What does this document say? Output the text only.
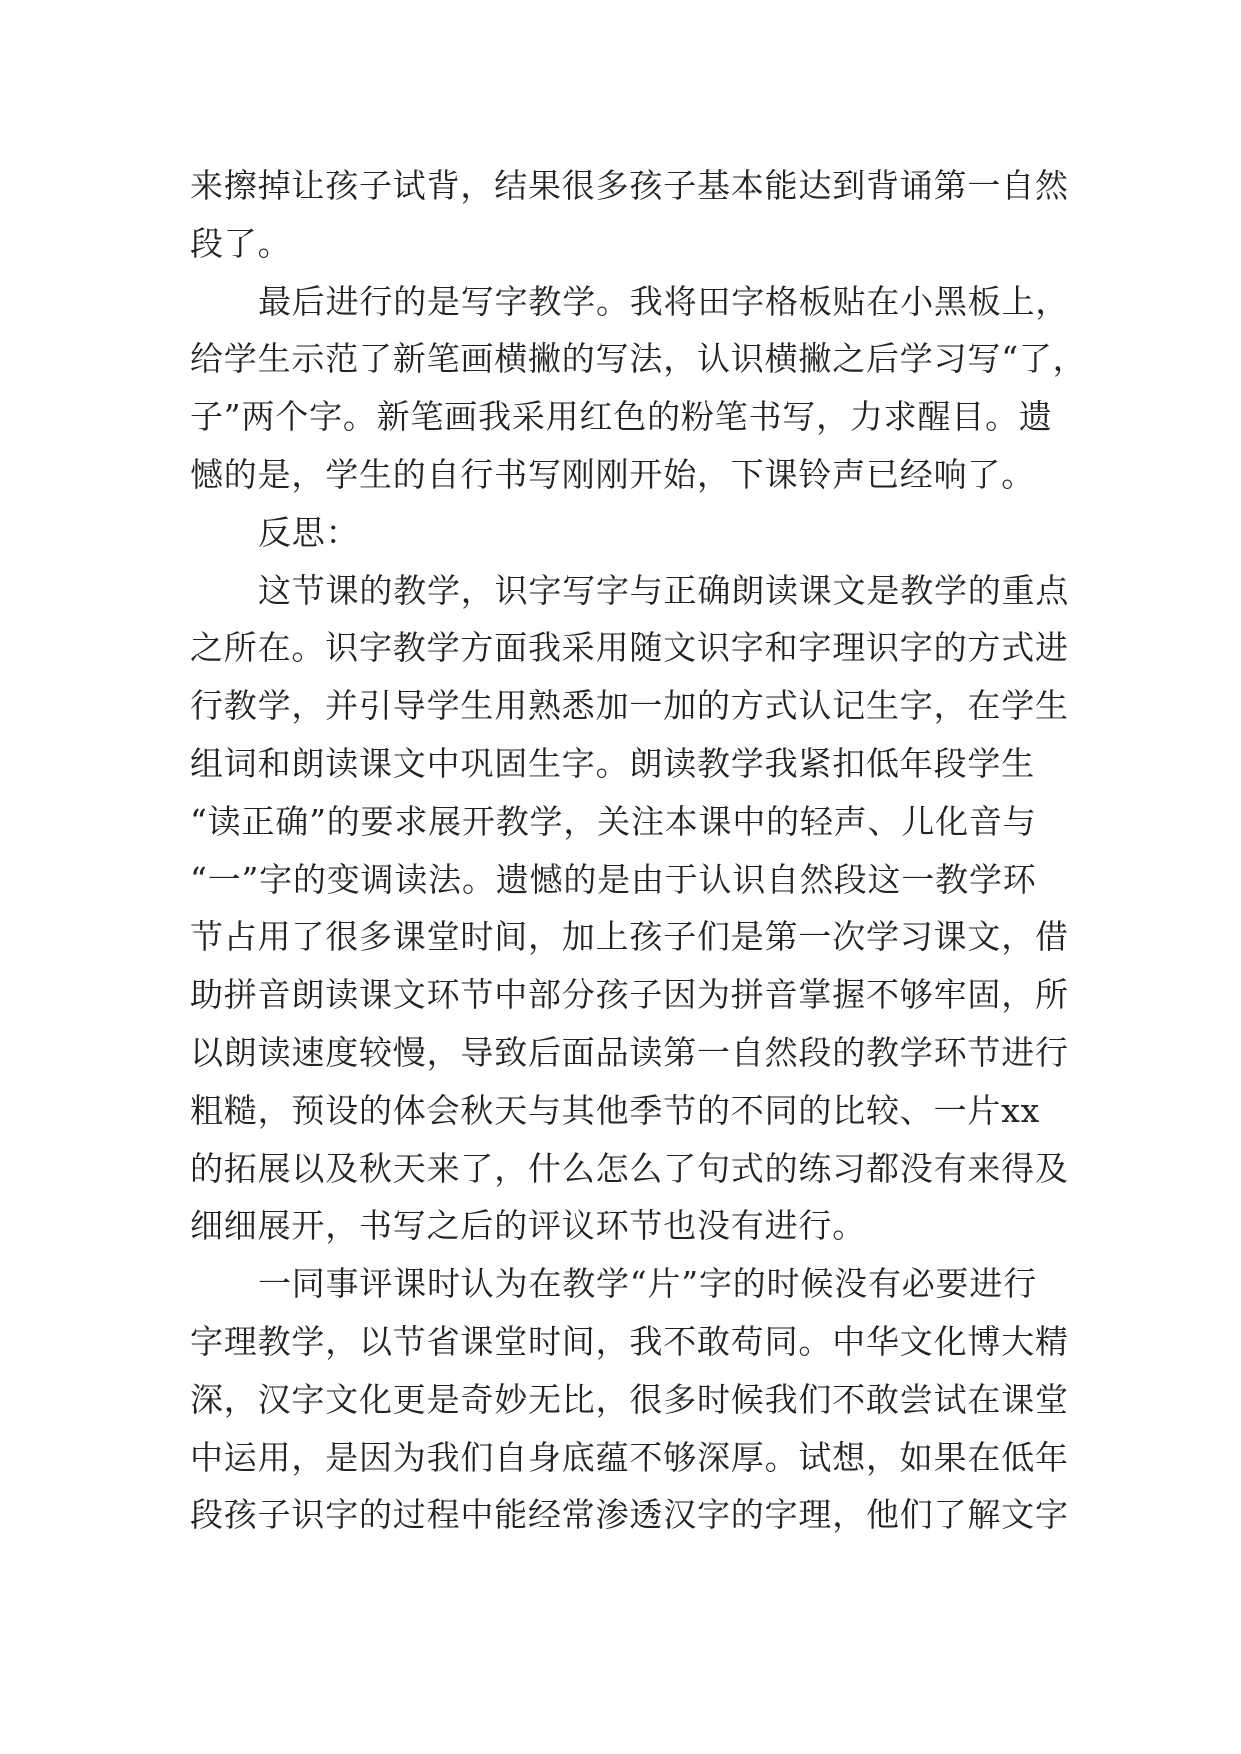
来擦掉让孩子试背，结果很多孩子基本能达到背诵第一自然
段了。
最后进行的是写字教学。我将田字格板贴在小黑板上，
给学生示范了新笔画横撇的写法，认识横撇之后学习写“了，
子”两个字。新笔画我采用红色的粉笔书写，力求醒目。遗
憾的是，学生的自行书写刚刚开始，下课铃声已经响了。
反思：
这节课的教学，识字写字与正确朗读课文是教学的重点
之所在。识字教学方面我采用随文识字和字理识字的方式进
行教学，并引导学生用熟悉加一加的方式认记生字，在学生
组词和朗读课文中巩固生字。朗读教学我紧扣低年段学生
“读正确”的要求展开教学，关注本课中的轻声、儿化音与
“一”字的变调读法。遗憾的是由于认识自然段这一教学环
节占用了很多课堂时间，加上孩子们是第一次学习课文，借
助拼音朗读课文环节中部分孩子因为拼音掌握不够牢固，所
以朗读速度较慢，导致后面品读第一自然段的教学环节进行
粗糙，预设的体会秋天与其他季节的不同的比较、一片xx
的拓展以及秋天来了，什么怎么了句式的练习都没有来得及
细细展开，书写之后的评议环节也没有进行。
一同事评课时认为在教学“片”字的时候没有必要进行
字理教学，以节省课堂时间，我不敢苟同。中华文化博大精
深，汉字文化更是奇妙无比，很多时候我们不敢尝试在课堂
中运用，是因为我们自身底蕴不够深厚。试想，如果在低年
段孩子识字的过程中能经常渗透汉字的字理，他们了解文字
